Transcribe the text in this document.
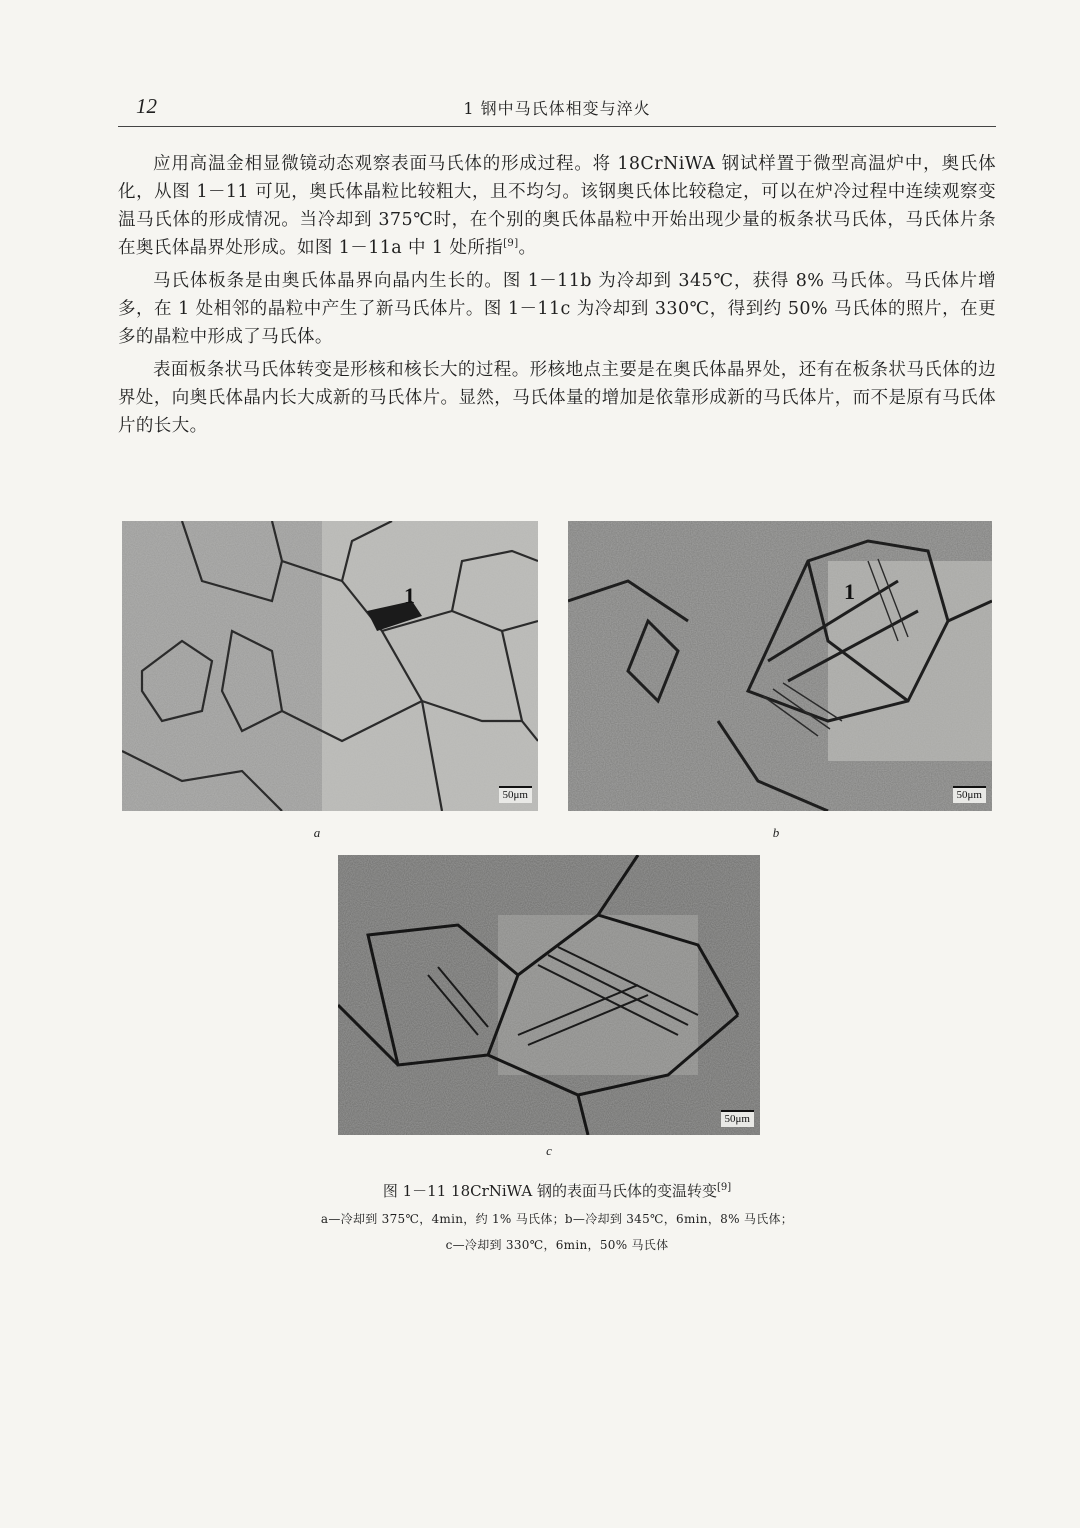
12	1 钢中马氏体相变与淬火

应用高温金相显微镜动态观察表面马氏体的形成过程。将 18CrNiWA 钢试样置于微型高温炉中，奥氏体化，从图 1－11 可见，奥氏体晶粒比较粗大，且不均匀。该钢奥氏体比较稳定，可以在炉冷过程中连续观察变温马氏体的形成情况。当冷却到 375℃时，在个别的奥氏体晶粒中开始出现少量的板条状马氏体，马氏体片条在奥氏体晶界处形成。如图 1－11a 中 1 处所指[9]。

马氏体板条是由奥氏体晶界向晶内生长的。图 1－11b 为冷却到 345℃，获得 8% 马氏体。马氏体片增多，在 1 处相邻的晶粒中产生了新马氏体片。图 1－11c 为冷却到 330℃，得到约 50% 马氏体的照片，在更多的晶粒中形成了马氏体。

表面板条状马氏体转变是形核和核长大的过程。形核地点主要是在奥氏体晶界处，还有在板条状马氏体的边界处，向奥氏体晶内长大成新的马氏体片。显然，马氏体量的增加是依靠形成新的马氏体片，而不是原有马氏体片的长大。

1
50μm
a
1
50μm
b
50μm
c
图 1－11 18CrNiWA 钢的表面马氏体的变温转变[9]
a—冷却到 375℃，4min，约 1% 马氏体；b—冷却到 345℃，6min，8% 马氏体；
c—冷却到 330℃，6min，50% 马氏体
